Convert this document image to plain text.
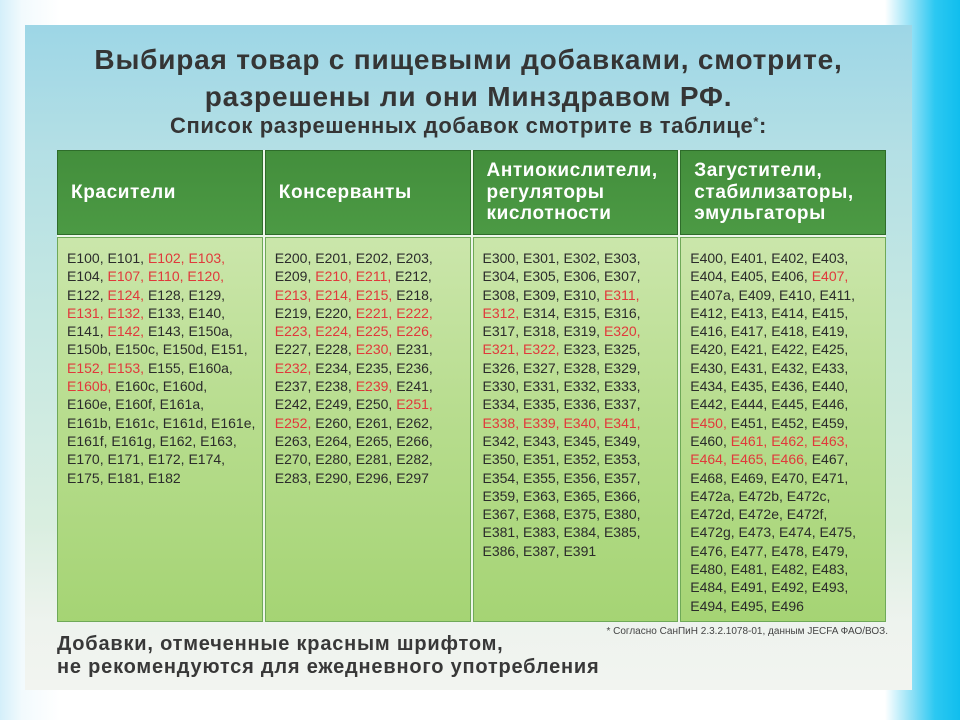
Выбирая товар с пищевыми добавками, смотрите,
разрешены ли они Минздравом РФ.
Список разрешенных добавок смотрите в таблице*:
Красители	Консерванты
Антиокислители,
регуляторы
кислотности
Загустители,
стабилизаторы,
эмульгаторы
E100, E101, E102, E103,
E104, E107, E110, E120,
E122, E124, E128, E129,
E131, E132, E133, E140,
E141, E142, E143, E150a,
E150b, E150c, E150d, E151,
E152, E153, E155, E160a,
E160b, E160c, E160d,
E160e, E160f, E161a,
E161b, E161c, E161d, E161e,
E161f, E161g, E162, E163,
E170, E171, E172, E174,
E175, E181, E182
E200, E201, E202, E203,
E209, E210, E211, E212,
E213, E214, E215, E218,
E219, E220, E221, E222,
E223, E224, E225, E226,
E227, E228, E230, E231,
E232, E234, E235, E236,
E237, E238, E239, E241,
E242, E249, E250, E251,
E252, E260, E261, E262,
E263, E264, E265, E266,
E270, E280, E281, E282,
E283, E290, E296, E297
E300, E301, E302, E303,
E304, E305, E306, E307,
E308, E309, E310, E311,
E312, E314, E315, E316,
E317, E318, E319, E320,
E321, E322, E323, E325,
E326, E327, E328, E329,
E330, E331, E332, E333,
E334, E335, E336, E337,
E338, E339, E340, E341,
E342, E343, E345, E349,
E350, E351, E352, E353,
E354, E355, E356, E357,
E359, E363, E365, E366,
E367, E368, E375, E380,
E381, E383, E384, E385,
E386, E387, E391
E400, E401, E402, E403,
E404, E405, E406, E407,
E407a, E409, E410, E411,
E412, E413, E414, E415,
E416, E417, E418, E419,
E420, E421, E422, E425,
E430, E431, E432, E433,
E434, E435, E436, E440,
E442, E444, E445, E446,
E450, E451, E452, E459,
E460, E461, E462, E463,
E464, E465, E466, E467,
E468, E469, E470, E471,
E472a, E472b, E472c,
E472d, E472e, E472f,
E472g, E473, E474, E475,
E476, E477, E478, E479,
E480, E481, E482, E483,
E484, E491, E492, E493,
E494, E495, E496
* Согласно СанПиН 2.3.2.1078-01, данным JECFA ФАО/ВОЗ.
Добавки, отмеченные красным шрифтом,
не рекомендуются для ежедневного употребления
